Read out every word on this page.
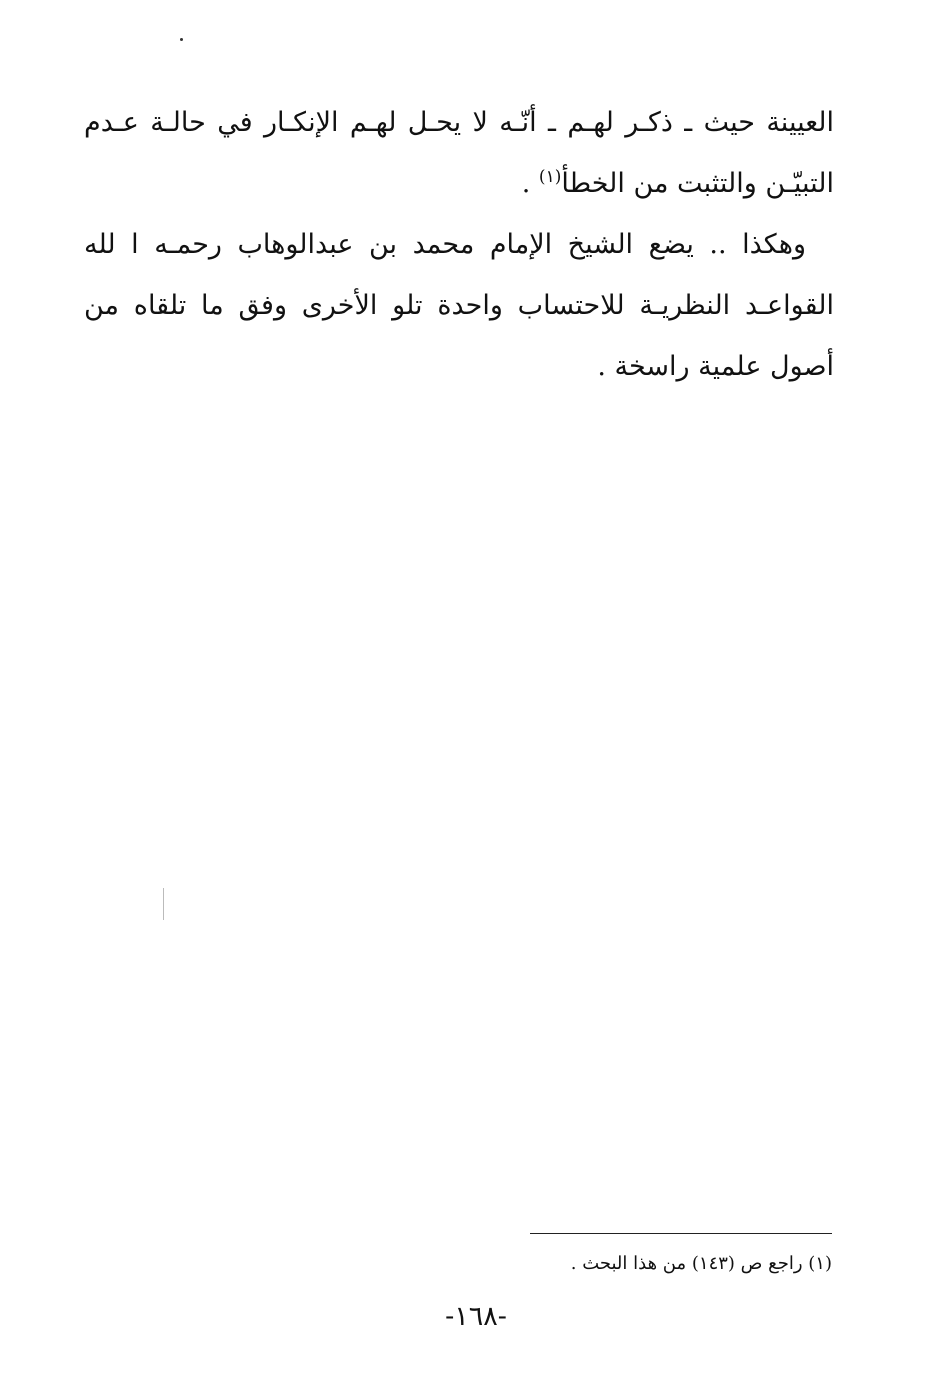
العيينة حيث ـ ذكـر لهـم ـ أنّـه لا يحـل لهـم الإنكـار في حالـة عـدم التبيّـن والتثبت من الخطأ$^{(١)}$ .

وهكذا .. يضع الشيخ الإمام محمد بن عبدالوهاب رحمـه ا لله القواعـد النظريـة للاحتساب واحدة تلو الأخرى وفق ما تلقاه من أصول علمية راسخة .

(١) راجع ص (١٤٣) من هذا البحث .
-١٦٨-
